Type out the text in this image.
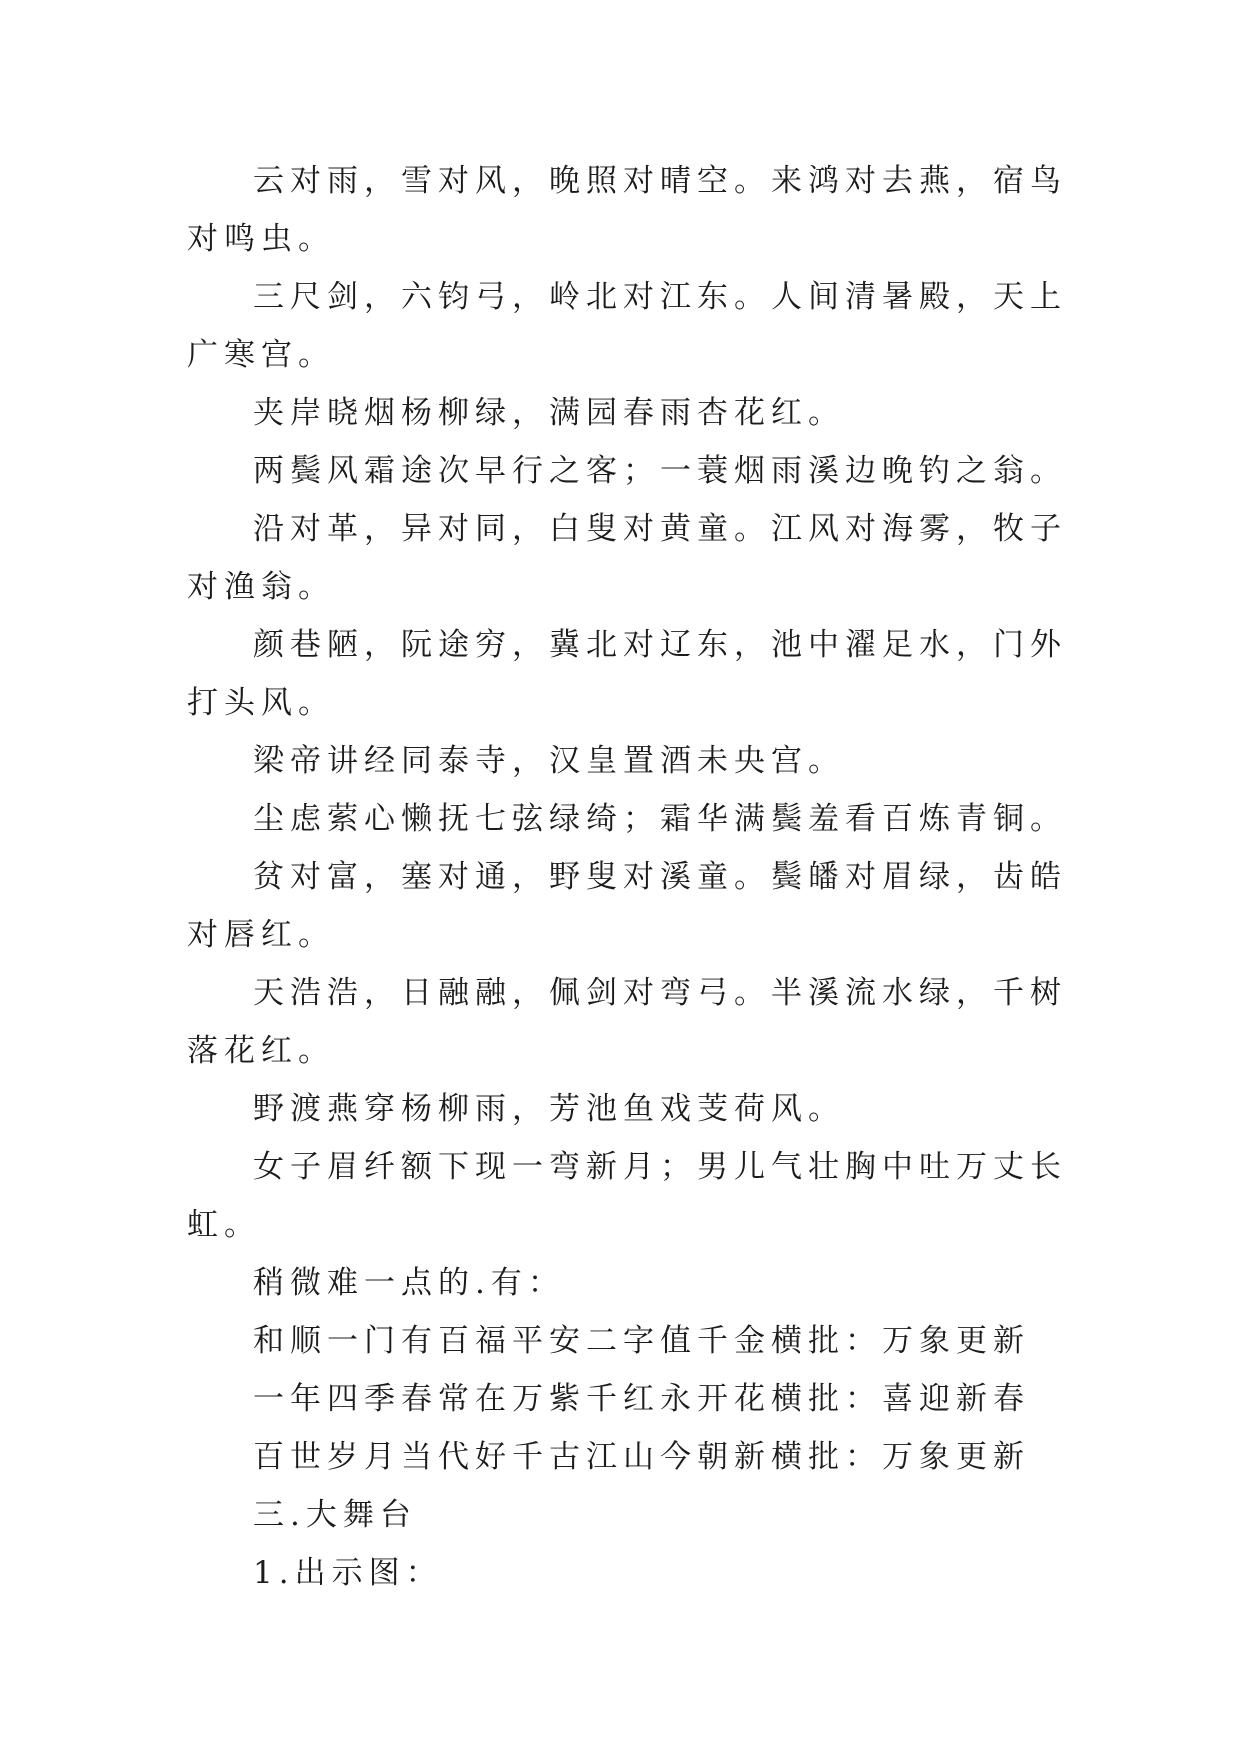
云对雨，雪对风，晚照对晴空。来鸿对去燕，宿鸟对鸣虫。

三尺剑，六钧弓，岭北对江东。人间清暑殿，天上广寒宫。

夹岸晓烟杨柳绿，满园春雨杏花红。

两鬓风霜途次早行之客；一蓑烟雨溪边晚钓之翁。

沿对革，异对同，白叟对黄童。江风对海雾，牧子对渔翁。

颜巷陋，阮途穷，冀北对辽东，池中濯足水，门外打头风。

梁帝讲经同泰寺，汉皇置酒未央宫。

尘虑萦心懒抚七弦绿绮；霜华满鬓羞看百炼青铜。

贫对富，塞对通，野叟对溪童。鬓皤对眉绿，齿皓对唇红。

天浩浩，日融融，佩剑对弯弓。半溪流水绿，千树落花红。

野渡燕穿杨柳雨，芳池鱼戏芰荷风。

女子眉纤额下现一弯新月；男儿气壮胸中吐万丈长虹。

稍微难一点的.有：

和顺一门有百福平安二字值千金横批：万象更新

一年四季春常在万紫千红永开花横批：喜迎新春

百世岁月当代好千古江山今朝新横批：万象更新

三.大舞台

1.出示图：
